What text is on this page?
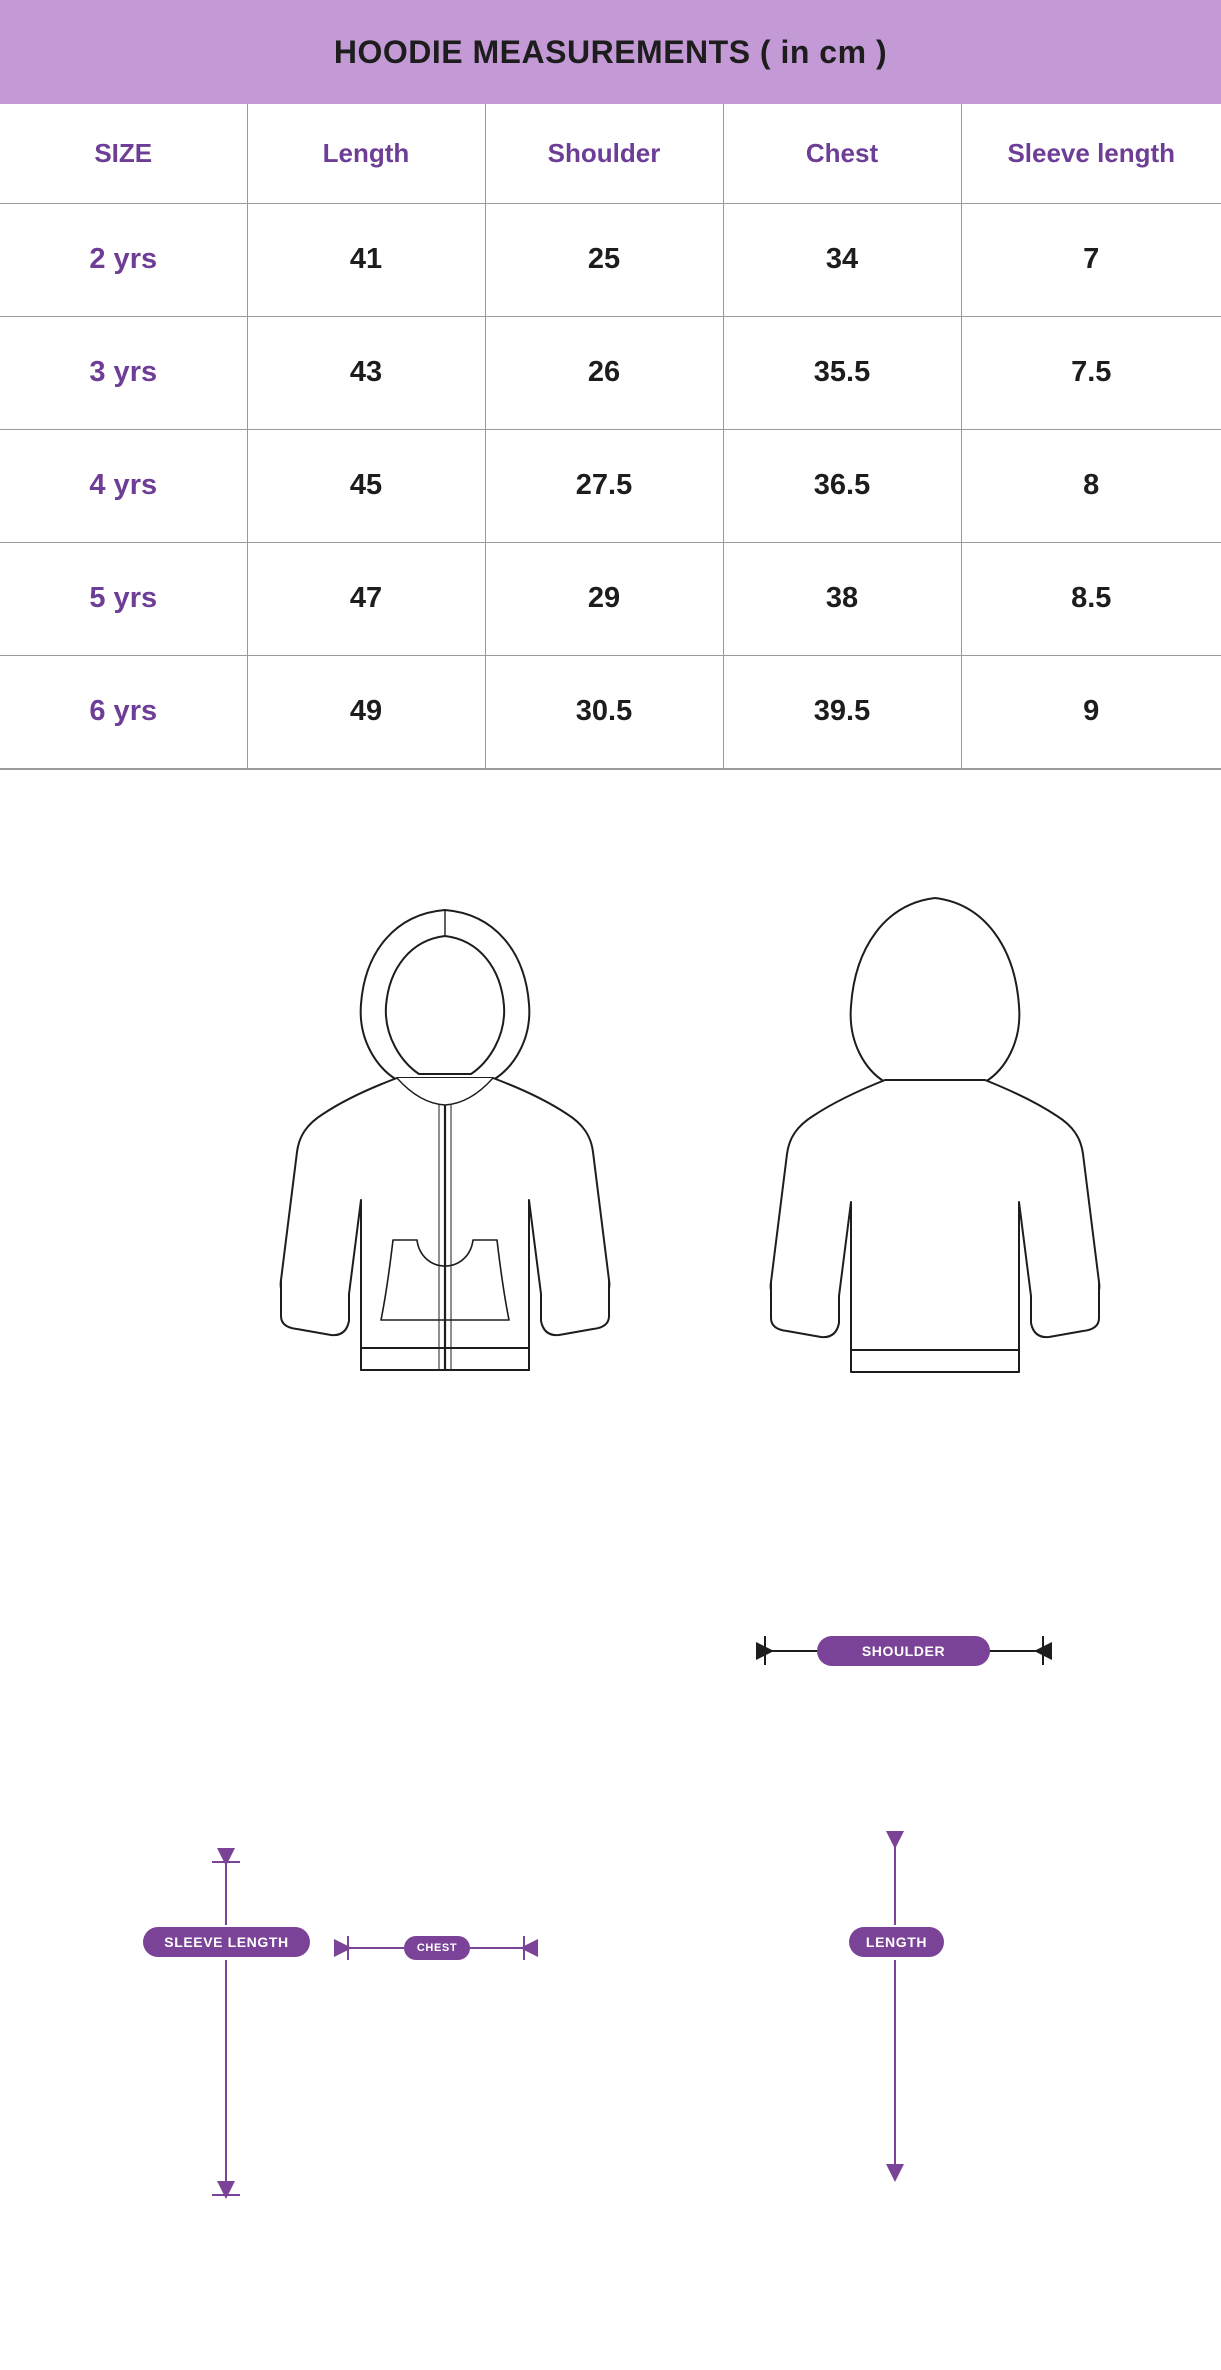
HOODIE MEASUREMENTS ( in cm )
SIZE	Length	Shoulder	Chest	Sleeve length
2 yrs	41	25	34	7
3 yrs	43	26	35.5	7.5
4 yrs	45	27.5	36.5	8
5 yrs	47	29	38	8.5
6 yrs	49	30.5	39.5	9
SHOULDER
SLEEVE LENGTH	CHEST	LENGTH
